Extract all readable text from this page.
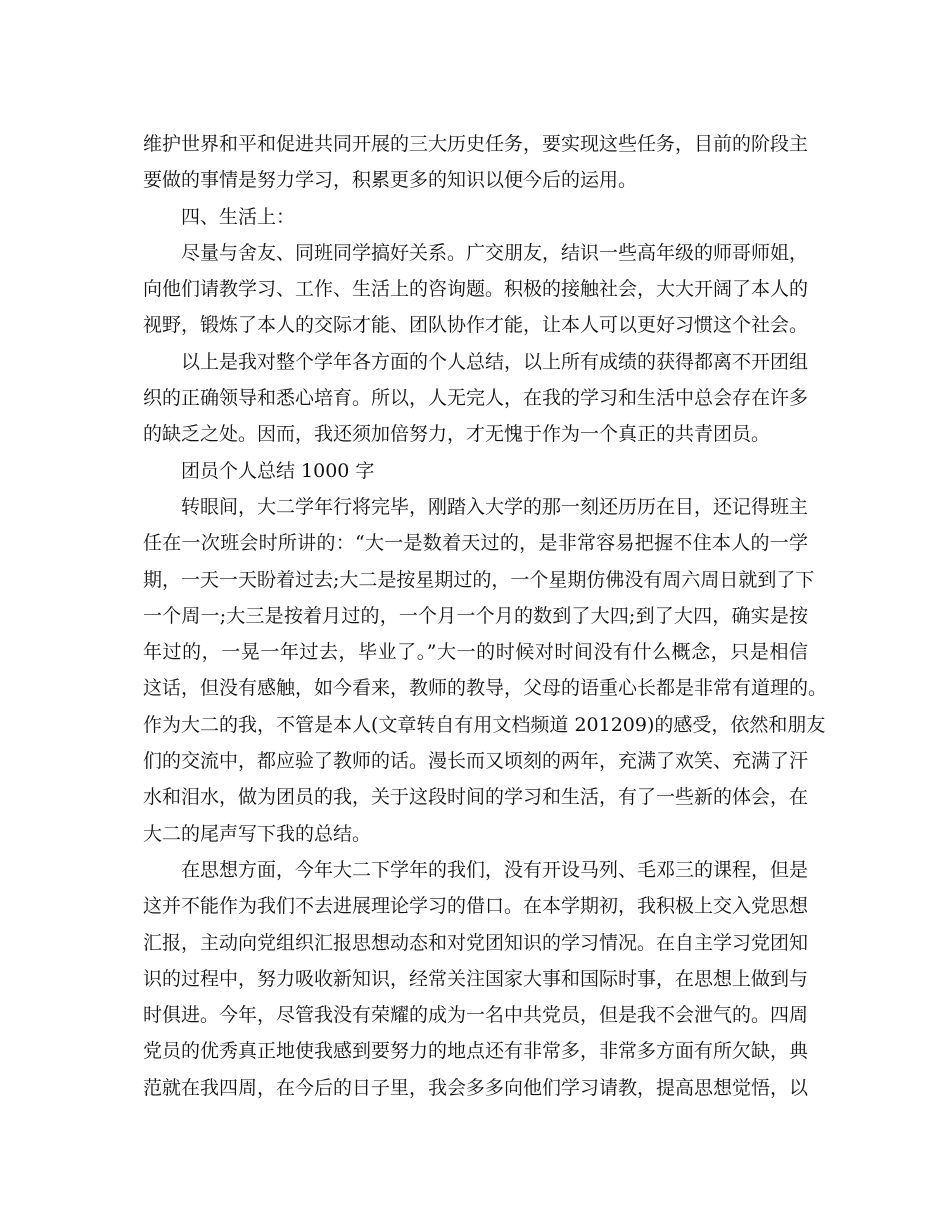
维护世界和平和促进共同开展的三大历史任务，要实现这些任务，目前的阶段主
要做的事情是努力学习，积累更多的知识以便今后的运用。
四、生活上：
尽量与舍友、同班同学搞好关系。广交朋友，结识一些高年级的师哥师姐，
向他们请教学习、工作、生活上的咨询题。积极的接触社会，大大开阔了本人的
视野，锻炼了本人的交际才能、团队协作才能，让本人可以更好习惯这个社会。
以上是我对整个学年各方面的个人总结，以上所有成绩的获得都离不开团组
织的正确领导和悉心培育。所以，人无完人，在我的学习和生活中总会存在许多
的缺乏之处。因而，我还须加倍努力，才无愧于作为一个真正的共青团员。
团员个人总结 1000 字
转眼间，大二学年行将完毕，刚踏入大学的那一刻还历历在目，还记得班主
任在一次班会时所讲的：“大一是数着天过的，是非常容易把握不住本人的一学
期，一天一天盼着过去;大二是按星期过的，一个星期仿佛没有周六周日就到了下
一个周一;大三是按着月过的，一个月一个月的数到了大四;到了大四，确实是按
年过的，一晃一年过去，毕业了。”大一的时候对时间没有什么概念，只是相信
这话，但没有感触，如今看来，教师的教导，父母的语重心长都是非常有道理的。
作为大二的我，不管是本人(文章转自有用文档频道 201209)的感受，依然和朋友
们的交流中，都应验了教师的话。漫长而又顷刻的两年，充满了欢笑、充满了汗
水和泪水，做为团员的我，关于这段时间的学习和生活，有了一些新的体会，在
大二的尾声写下我的总结。
在思想方面，今年大二下学年的我们，没有开设马列、毛邓三的课程，但是
这并不能作为我们不去进展理论学习的借口。在本学期初，我积极上交入党思想
汇报，主动向党组织汇报思想动态和对党团知识的学习情况。在自主学习党团知
识的过程中，努力吸收新知识，经常关注国家大事和国际时事，在思想上做到与
时俱进。今年，尽管我没有荣耀的成为一名中共党员，但是我不会泄气的。四周
党员的优秀真正地使我感到要努力的地点还有非常多，非常多方面有所欠缺，典
范就在我四周，在今后的日子里，我会多多向他们学习请教，提高思想觉悟，以
